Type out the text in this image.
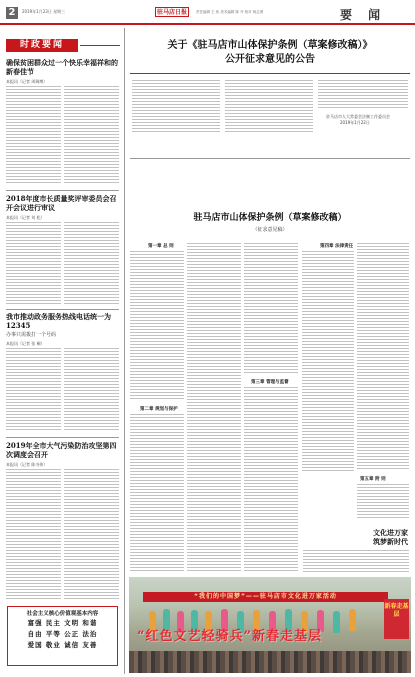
2	2019年1月23日 星期三	驻马店日报	责任编辑 王 伟 美术编辑 陈 丹 校对 杨志勇	要 闻
时政要闻
确保贫困群众过一个快乐幸福祥和的新春佳节
本报讯（记者 周瑞博）
2018年度市长质量奖评审委员会召开会议进行审议
本报讯（记者 刘 松）
我市推动政务服务热线电话统一为12345
办事只需拨打一个号码
本报讯（记者 张 桐）
2019年全市大气污染防治攻坚第四次调度会召开
本报讯（记者 陈书伟）
社会主义核心价值观基本内容
富强 民主 文明 和谐
自由 平等 公正 法治
爱国 敬业 诚信 友善
关于《驻马店市山体保护条例（草案修改稿）》
公开征求意见的公告
驻马店市人大常委会法制工作委员会
2019年1月22日
驻马店市山体保护条例（草案修改稿）
（征求意见稿）
第一章 总 则
第二章 规划与保护
第三章 管理与监督
第四章 法律责任
第五章 附 则
文化进万家
筑梦新时代
“我们的中国梦”——驻马店市文化进万家活动
“红色文艺轻骑兵”新春走基层
新春走基层
